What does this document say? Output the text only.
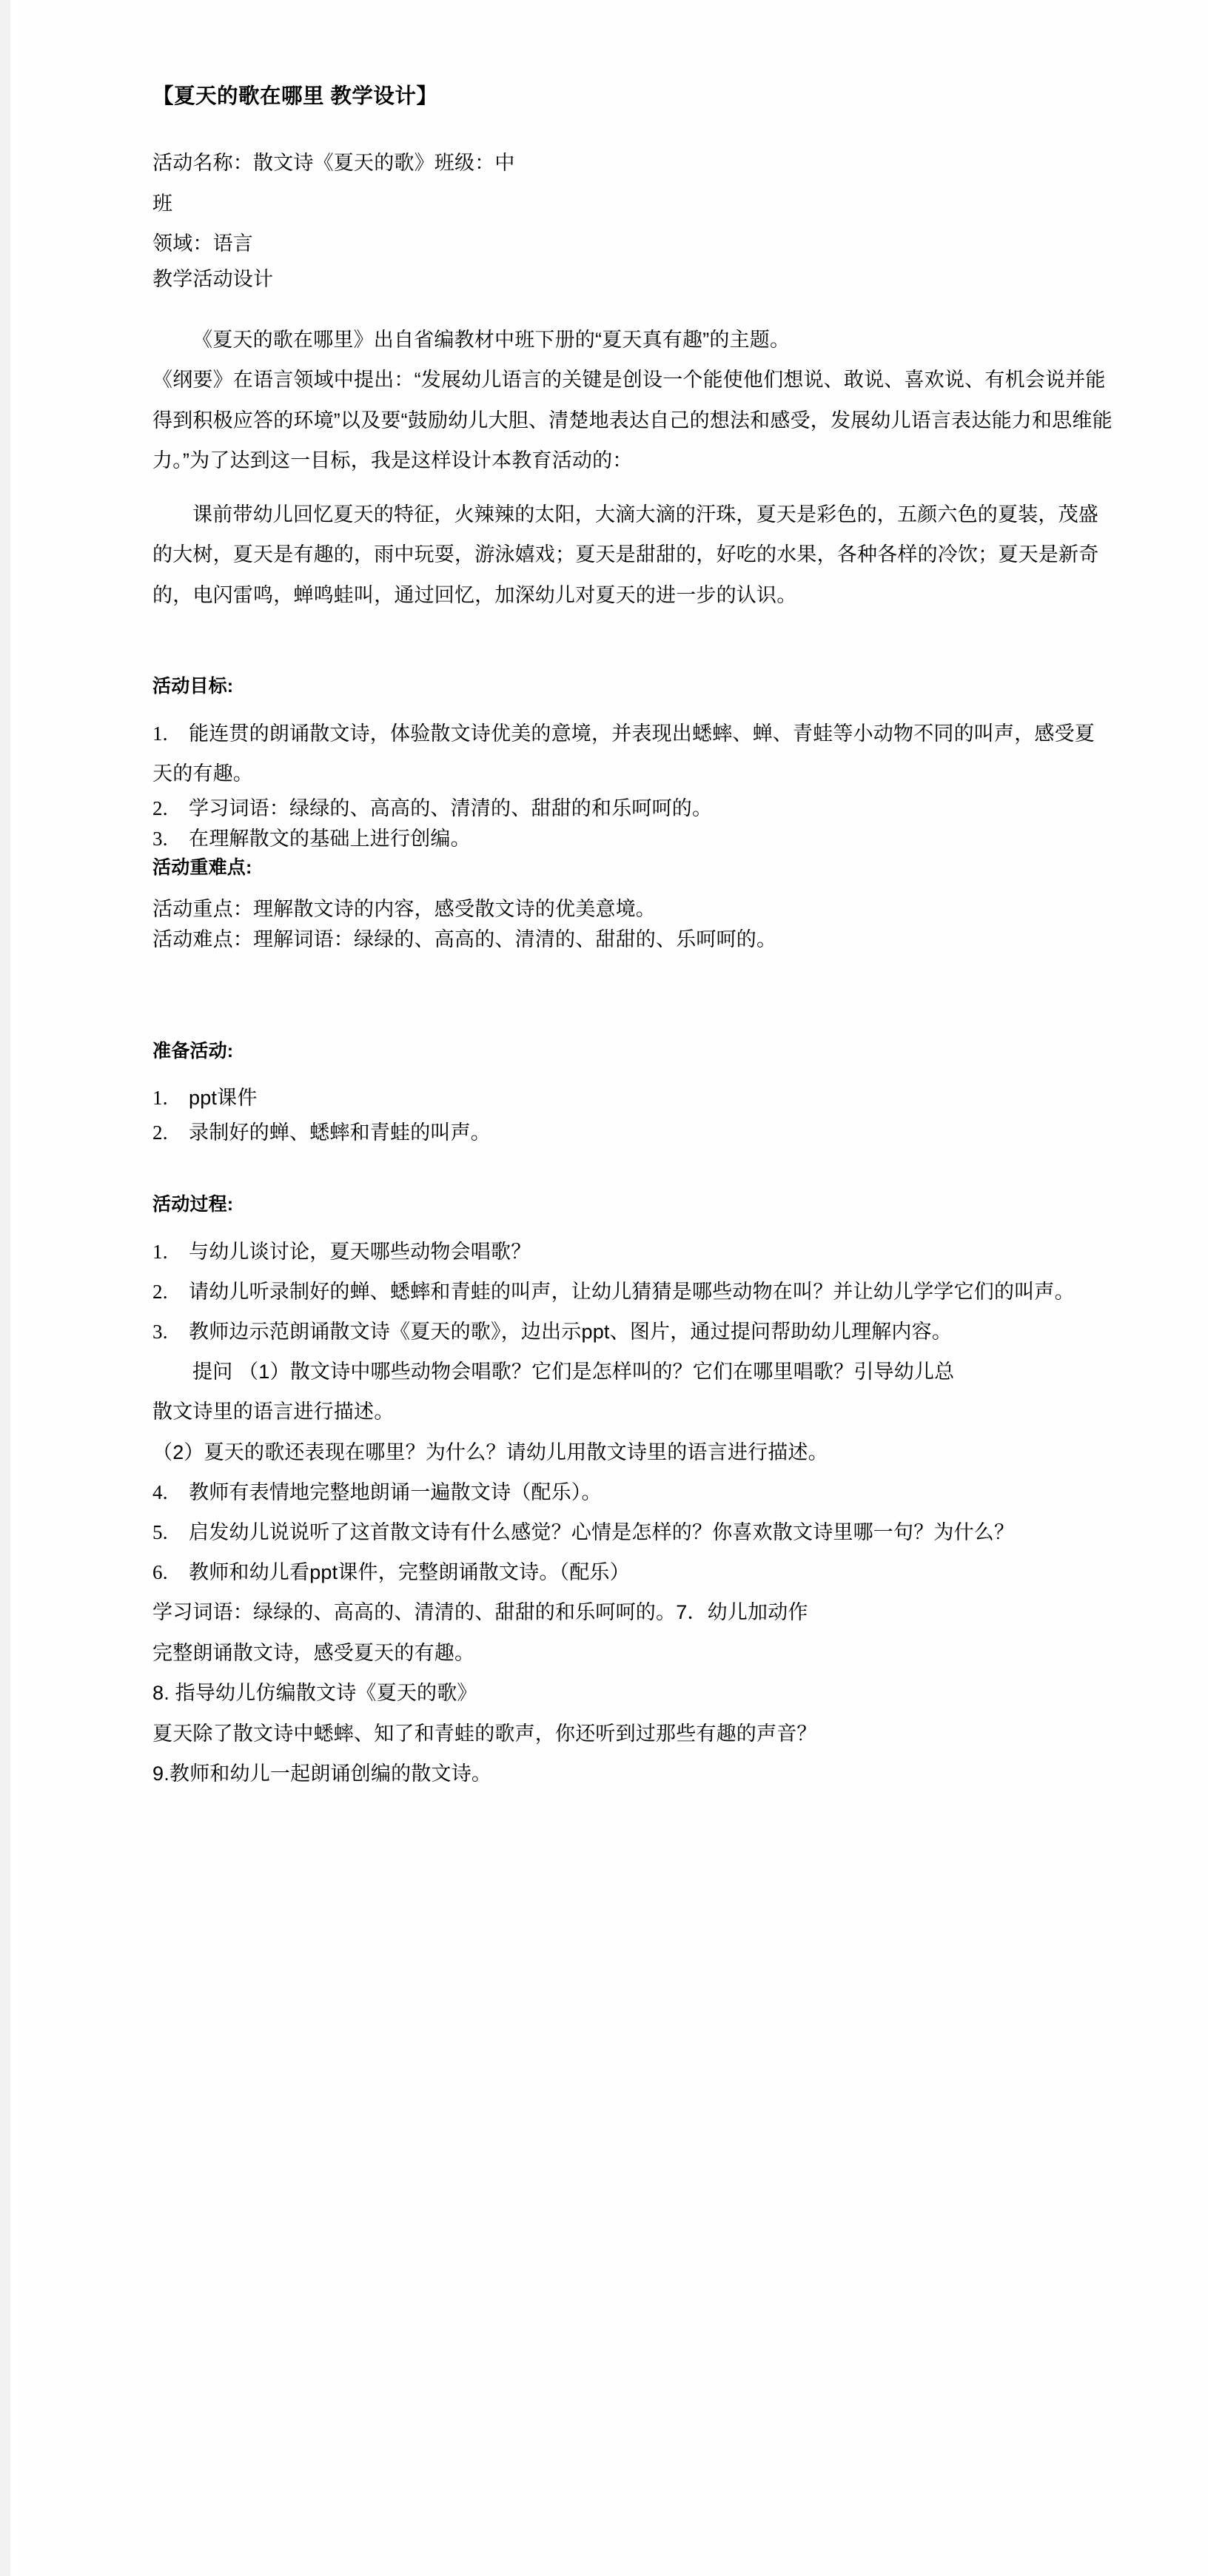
【夏天的歌在哪里 教学设计】

活动名称：散文诗《夏天的歌》班级：中

班

领域：语言

教学活动设计

《夏天的歌在哪里》出自省编教材中班下册的“夏天真有趣”的主题。

《纲要》在语言领域中提出：“发展幼儿语言的关键是创设一个能使他们想说、敢说、喜欢说、有机会说并能得到积极应答的环境”以及要“鼓励幼儿大胆、清楚地表达自己的想法和感受，发展幼儿语言表达能力和思维能力。”为了达到这一目标，我是这样设计本教育活动的：

课前带幼儿回忆夏天的特征，火辣辣的太阳，大滴大滴的汗珠，夏天是彩色的，五颜六色的夏装，茂盛的大树，夏天是有趣的，雨中玩耍，游泳嬉戏；夏天是甜甜的，好吃的水果，各种各样的冷饮；夏天是新奇的，电闪雷鸣，蝉鸣蛙叫，通过回忆，加深幼儿对夏天的进一步的认识。

活动目标:

1. 能连贯的朗诵散文诗，体验散文诗优美的意境，并表现出蟋蟀、蝉、青蛙等小动物不同的叫声，感受夏天的有趣。

2. 学习词语：绿绿的、高高的、清清的、甜甜的和乐呵呵的。

3. 在理解散文的基础上进行创编。

活动重难点:

活动重点：理解散文诗的内容，感受散文诗的优美意境。

活动难点：理解词语：绿绿的、高高的、清清的、甜甜的、乐呵呵的。

准备活动:

1. ppt课件

2. 录制好的蝉、蟋蟀和青蛙的叫声。

活动过程:

1. 与幼儿谈讨论，夏天哪些动物会唱歌？

2. 请幼儿听录制好的蝉、蟋蟀和青蛙的叫声，让幼儿猜猜是哪些动物在叫？并让幼儿学学它们的叫声。

3. 教师边示范朗诵散文诗《夏天的歌》，边出示ppt、图片，通过提问帮助幼儿理解内容。

提问 （1）散文诗中哪些动物会唱歌？它们是怎样叫的？它们在哪里唱歌？引导幼儿总

散文诗里的语言进行描述。

（2）夏天的歌还表现在哪里？为什么？请幼儿用散文诗里的语言进行描述。

4. 教师有表情地完整地朗诵一遍散文诗（配乐）。

5. 启发幼儿说说听了这首散文诗有什么感觉？心情是怎样的？你喜欢散文诗里哪一句？为什么？

6. 教师和幼儿看ppt课件，完整朗诵散文诗。（配乐）

学习词语：绿绿的、高高的、清清的、甜甜的和乐呵呵的。7．幼儿加动作

完整朗诵散文诗，感受夏天的有趣。

8. 指导幼儿仿编散文诗《夏天的歌》

夏天除了散文诗中蟋蟀、知了和青蛙的歌声，你还听到过那些有趣的声音？

9.教师和幼儿一起朗诵创编的散文诗。
